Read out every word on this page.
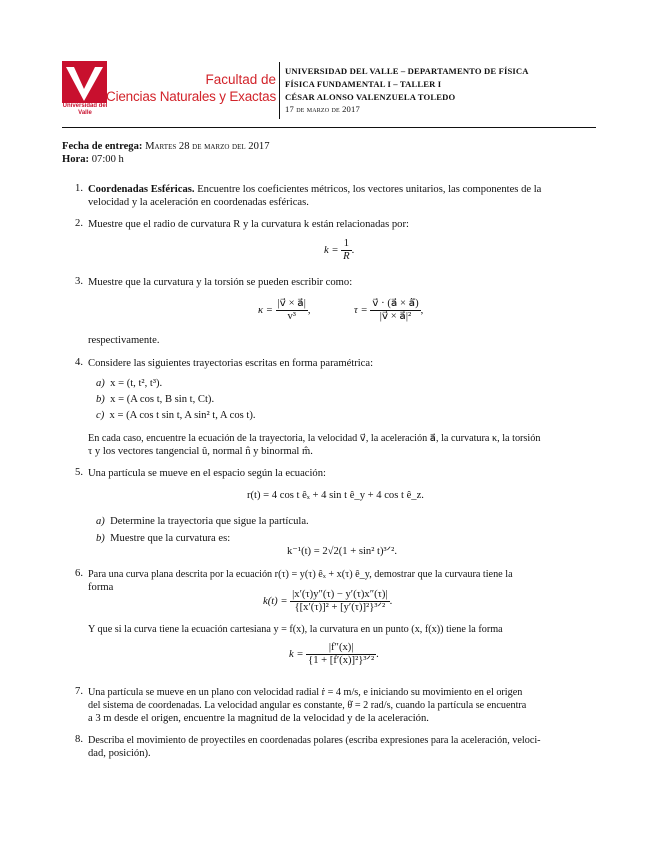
Universidad del Valle
Facultad de
Ciencias Naturales y Exactas
UNIVERSIDAD DEL VALLE – DEPARTAMENTO DE FÍSICA
FÍSICA FUNDAMENTAL I – TALLER I
CÉSAR ALONSO VALENZUELA TOLEDO
17 de marzo de 2017
Fecha de entrega: Martes 28 de marzo del 2017
Hora: 07:00 h
1. Coordenadas Esféricas. Encuentre los coeficientes métricos, los vectores unitarios, las componentes de la
velocidad y la aceleración en coordenadas esféricas.
2. Muestre que el radio de curvatura R y la curvatura k están relacionadas por:
$k = \frac{1}{R}$ .
3. Muestre que la curvatura y la torsión se pueden escribir como:
$\kappa = \frac{|v⃗ \times a⃗|}{\text{v³}}$ ,	$\tau = \frac{v⃗ \cdot (a⃗ \times ȧ⃗)}{\text{|v⃗ × a⃗|²}}$ ,
respectivamente.
4. Considere las siguientes trayectorias escritas en forma paramétrica:
a) x = (t, t², t³).
b) x = (A cos t, B sin t, Ct).
c) x = (A cos t sin t, A sin² t, A cos t).
En cada caso, encuentre la ecuación de la trayectoria, la velocidad v⃗, la aceleración a⃗, la curvatura κ, la torsión
τ y los vectores tangencial û, normal n̂ y binormal m̂.
5. Una partícula se mueve en el espacio según la ecuación:
r(t) = 4 cos t êₓ + 4 sin t ê_y + 4 cos t ê_z.
a) Determine la trayectoria que sigue la partícula.
b) Muestre que la curvatura es:
k⁻¹(t) = 2√2(1 + sin² t)³ᐟ².
6. Para una curva plana descrita por la ecuación r(τ) = y(τ) êₓ + x(τ) ê_y, demostrar que la curvaura tiene la
forma
$k(t) = \frac{|x'(\tau)y''(\tau) - y'(\tau)x''(\tau)|}{\text{\{[x′(τ)]² + [y′(τ)]²\}³ᐟ²}}$ .
Y que si la curva tiene la ecuación cartesiana y = f(x), la curvatura en un punto (x, f(x)) tiene la forma
$k = \frac{|f''(x)|}{\text{\{1 + [f′(x)]²\}³ᐟ²}}$ .
7. Una partícula se mueve en un plano con velocidad radial ṙ = 4 m/s, e iniciando su movimiento en el origen
del sistema de coordenadas. La velocidad angular es constante, θ̇ = 2 rad/s, cuando la partícula se encuentra
a 3 m desde el origen, encuentre la magnitud de la velocidad y de la aceleración.
8. Describa el movimiento de proyectiles en coordenadas polares (escriba expresiones para la aceleración, veloci-
dad, posición).
